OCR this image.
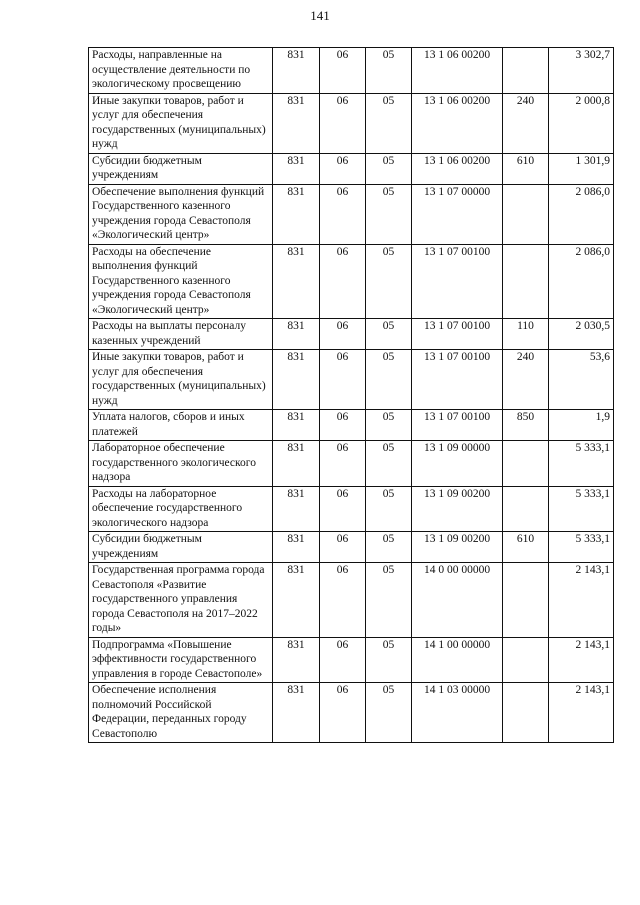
141
Расходы, направленные на осуществление деятельности по экологическому просвещению	831	06	05	13 1 06 00200		3 302,7
Иные закупки товаров, работ и услуг для обеспечения государственных (муниципальных) нужд	831	06	05	13 1 06 00200	240	2 000,8
Субсидии бюджетным учреждениям	831	06	05	13 1 06 00200	610	1 301,9
Обеспечение выполнения функций Государственного казенного учреждения города Севастополя «Экологический центр»	831	06	05	13 1 07 00000		2 086,0
Расходы на обеспечение выполнения функций Государственного казенного учреждения города Севастополя «Экологический центр»	831	06	05	13 1 07 00100		2 086,0
Расходы на выплаты персоналу казенных учреждений	831	06	05	13 1 07 00100	110	2 030,5
Иные закупки товаров, работ и услуг для обеспечения государственных (муниципальных) нужд	831	06	05	13 1 07 00100	240	53,6
Уплата налогов, сборов и иных платежей	831	06	05	13 1 07 00100	850	1,9
Лабораторное обеспечение государственного экологического надзора	831	06	05	13 1 09 00000		5 333,1
Расходы на лабораторное обеспечение государственного экологического надзора	831	06	05	13 1 09 00200		5 333,1
Субсидии бюджетным учреждениям	831	06	05	13 1 09 00200	610	5 333,1
Государственная программа города Севастополя «Развитие государственного управления города Севастополя на 2017–2022 годы»	831	06	05	14 0 00 00000		2 143,1
Подпрограмма «Повышение эффективности государственного управления в городе Севастополе»	831	06	05	14 1 00 00000		2 143,1
Обеспечение исполнения полномочий Российской Федерации, переданных городу Севастополю	831	06	05	14 1 03 00000		2 143,1
